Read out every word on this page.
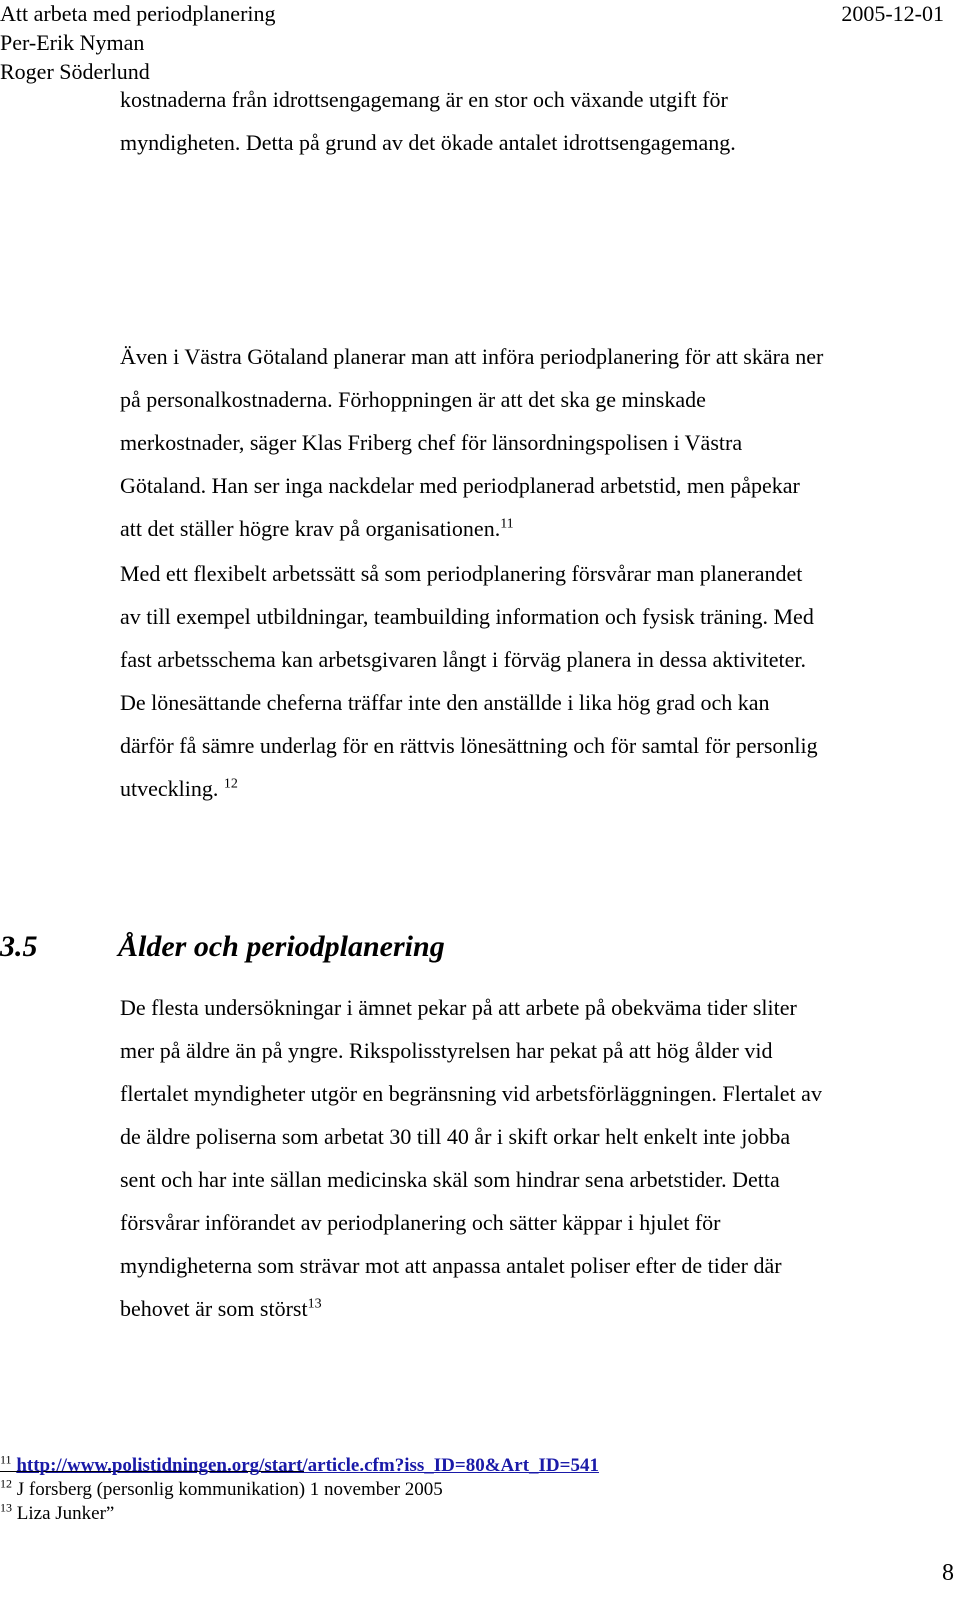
Att arbeta med periodplanering
Per-Erik Nyman
Roger Söderlund
2005-12-01
kostnaderna från idrottsengagemang är en stor och växande utgift för
myndigheten. Detta på grund av det ökade antalet idrottsengagemang.
Även i Västra Götaland planerar man att införa periodplanering för att skära ner
på personalkostnaderna. Förhoppningen är att det ska ge minskade
merkostnader, säger Klas Friberg chef för länsordningspolisen i Västra
Götaland. Han ser inga nackdelar med periodplanerad arbetstid, men påpekar
att det ställer högre krav på organisationen.$^{11}$
Med ett flexibelt arbetssätt så som periodplanering försvårar man planerandet
av till exempel utbildningar, teambuilding information och fysisk träning. Med
fast arbetsschema kan arbetsgivaren långt i förväg planera in dessa aktiviteter.
De lönesättande cheferna träffar inte den anställde i lika hög grad och kan
därför få sämre underlag för en rättvis lönesättning och för samtal för personlig
utveckling. $^{12}$
3.5	Ålder och periodplanering
De flesta undersökningar i ämnet pekar på att arbete på obekväma tider sliter
mer på äldre än på yngre. Rikspolisstyrelsen har pekat på att hög ålder vid
flertalet myndigheter utgör en begränsning vid arbetsförläggningen. Flertalet av
de äldre poliserna som arbetat 30 till 40 år i skift orkar helt enkelt inte jobba
sent och har inte sällan medicinska skäl som hindrar sena arbetstider. Detta
försvårar införandet av periodplanering och sätter käppar i hjulet för
myndigheterna som strävar mot att anpassa antalet poliser efter de tider där
behovet är som störst$^{13}$
$^{11}$ http://www.polistidningen.org/start/article.cfm?iss_ID=80&Art_ID=541
$^{12}$ J forsberg (personlig kommunikation) 1 november 2005
$^{13}$ Liza Junker”
8
